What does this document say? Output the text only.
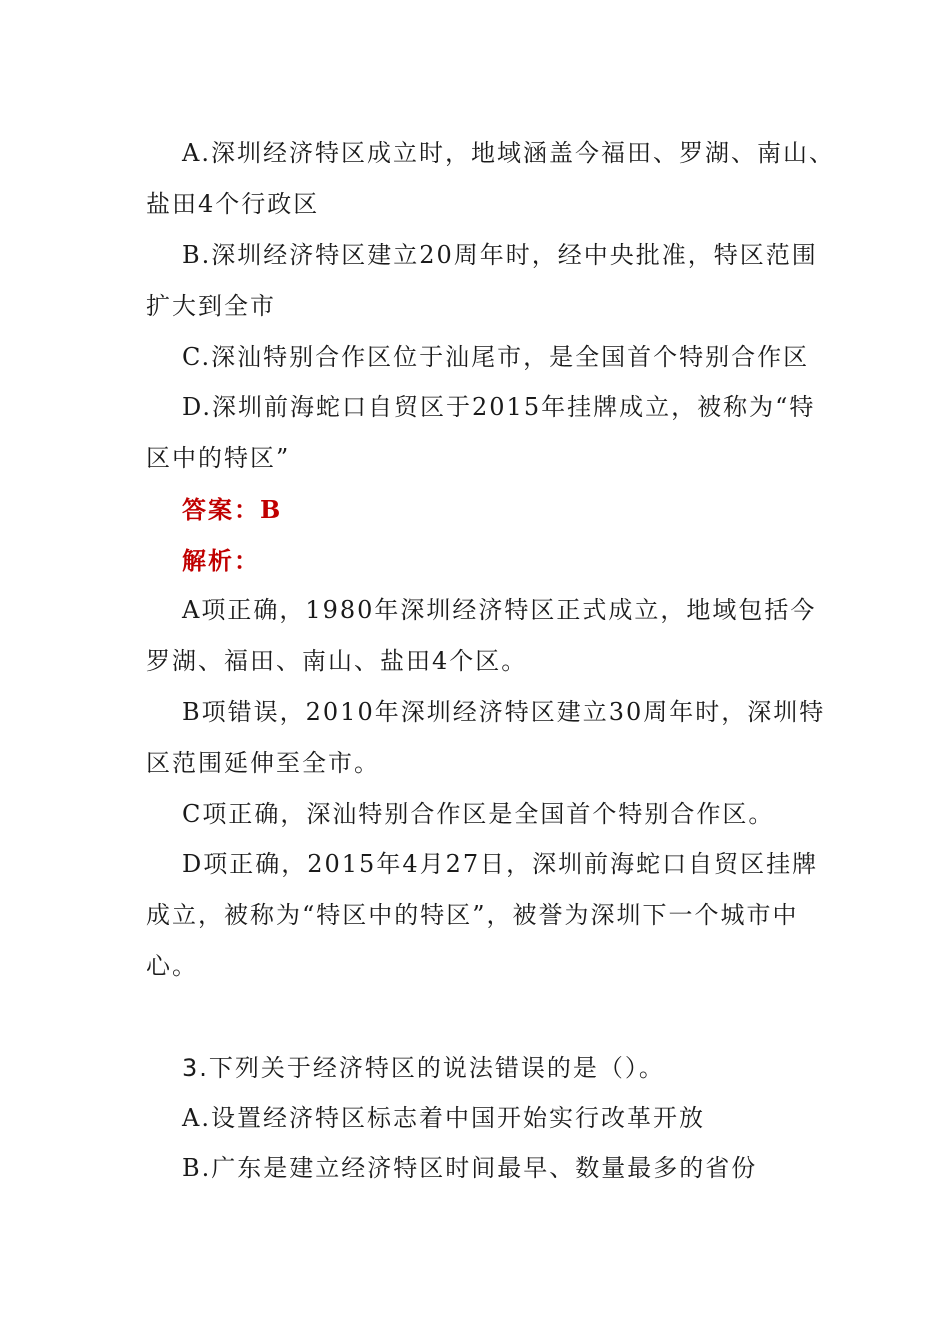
A.深圳经济特区成立时，地域涵盖今福田、罗湖、南山、盐田4个行政区

B.深圳经济特区建立20周年时，经中央批准，特区范围扩大到全市

C.深汕特别合作区位于汕尾市，是全国首个特别合作区

D.深圳前海蛇口自贸区于2015年挂牌成立，被称为“特区中的特区”

答案：B

解析：

A项正确，1980年深圳经济特区正式成立，地域包括今罗湖、福田、南山、盐田4个区。

B项错误，2010年深圳经济特区建立30周年时，深圳特区范围延伸至全市。

C项正确，深汕特别合作区是全国首个特别合作区。

D项正确，2015年4月27日，深圳前海蛇口自贸区挂牌成立，被称为“特区中的特区”，被誉为深圳下一个城市中心。

3.下列关于经济特区的说法错误的是（）。

A.设置经济特区标志着中国开始实行改革开放

B.广东是建立经济特区时间最早、数量最多的省份
